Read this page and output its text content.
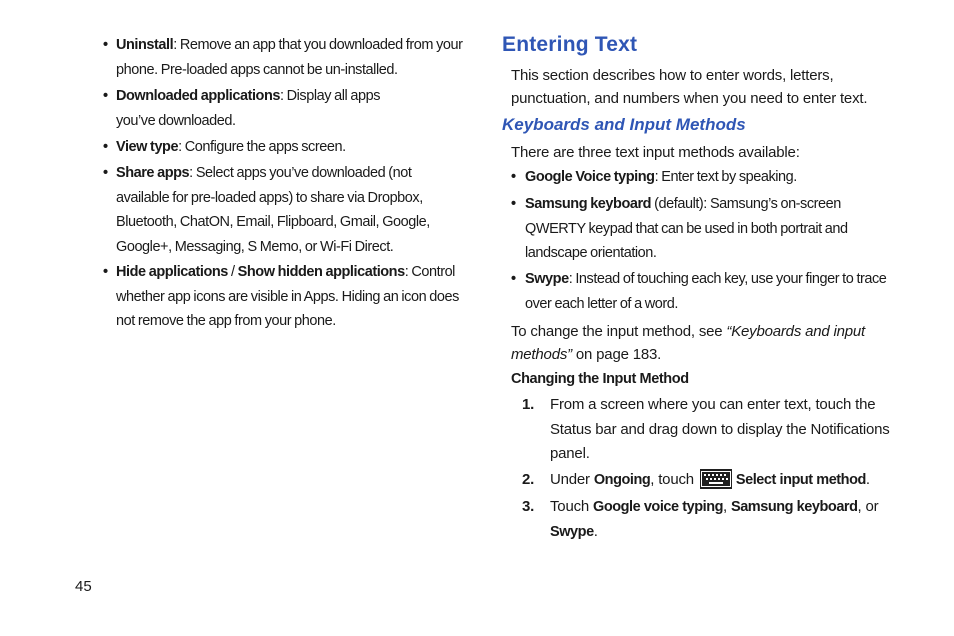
• Uninstall: Remove an app that you downloaded from your phone. Pre-loaded apps cannot be un-installed.
• Downloaded applications: Display all apps you’ve downloaded.
• View type: Configure the apps screen.
• Share apps: Select apps you’ve downloaded (not available for pre-loaded apps) to share via Dropbox, Bluetooth, ChatON, Email, Flipboard, Gmail, Google, Google+, Messaging, S Memo, or Wi-Fi Direct.
• Hide applications / Show hidden applications: Control whether app icons are visible in Apps. Hiding an icon does not remove the app from your phone.
Entering Text
This section describes how to enter words, letters, punctuation, and numbers when you need to enter text.
Keyboards and Input Methods
There are three text input methods available:
• Google Voice typing: Enter text by speaking.
• Samsung keyboard (default): Samsung’s on-screen QWERTY keypad that can be used in both portrait and landscape orientation.
• Swype: Instead of touching each key, use your finger to trace over each letter of a word.
To change the input method, see “Keyboards and input methods” on page 183.
Changing the Input Method
1. From a screen where you can enter text, touch the Status bar and drag down to display the Notifications panel.
2. Under Ongoing, touch	Select input method.
3. Touch Google voice typing, Samsung keyboard, or Swype.
45
